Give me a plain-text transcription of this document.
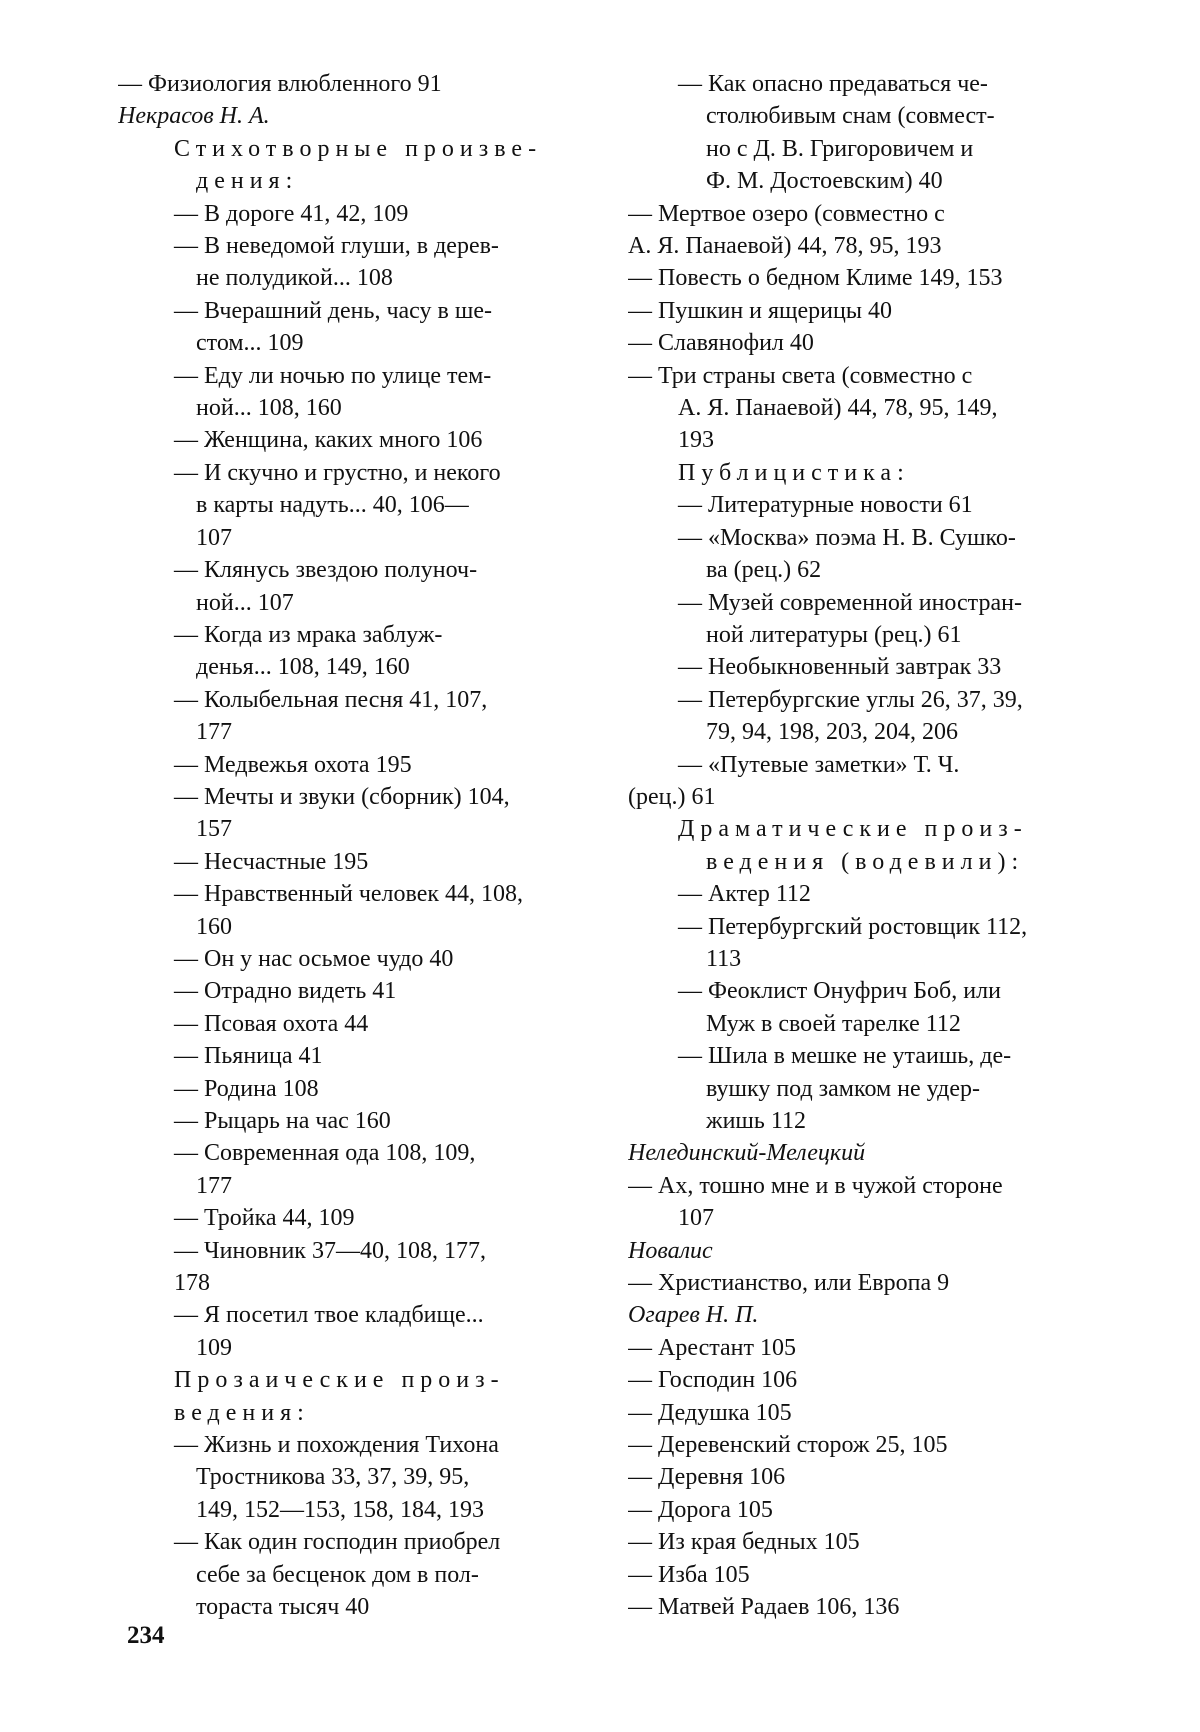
— Физиология влюбленного 91
Некрасов Н. А.
Стихотворные произве-
дения:
— В дороге 41, 42, 109
— В неведомой глуши, в дерев-
не полудикой... 108
— Вчерашний день, часу в ше-
стом... 109
— Еду ли ночью по улице тем-
ной... 108, 160
— Женщина, каких много 106
— И скучно и грустно, и некого
в карты надуть... 40, 106—
107
— Клянусь звездою полуноч-
ной... 107
— Когда из мрака заблуж-
денья... 108, 149, 160
— Колыбельная песня 41, 107,
177
— Медвежья охота 195
— Мечты и звуки (сборник) 104,
157
— Несчастные 195
— Нравственный человек 44, 108,
160
— Он у нас осьмое чудо 40
— Отрадно видеть 41
— Псовая охота 44
— Пьяница 41
— Родина 108
— Рыцарь на час 160
— Современная ода 108, 109,
177
— Тройка 44, 109
— Чиновник 37—40, 108, 177,
178
— Я посетил твое кладбище...
109
Прозаические произ-
ведения:
— Жизнь и похождения Тихона
Тростникова 33, 37, 39, 95,
149, 152—153, 158, 184, 193
— Как один господин приобрел
себе за бесценок дом в пол-
тораста тысяч 40
— Как опасно предаваться че-
столюбивым снам (совмест-
но с Д. В. Григоровичем и
Ф. М. Достоевским) 40
— Мертвое озеро (совместно с
А. Я. Панаевой) 44, 78, 95, 193
— Повесть о бедном Климе 149, 153
— Пушкин и ящерицы 40
— Славянофил 40
— Три страны света (совместно с
А. Я. Панаевой) 44, 78, 95, 149,
193
Публицистика:
— Литературные новости 61
— «Москва» поэма Н. В. Сушко-
ва (рец.) 62
— Музей современной иностран-
ной литературы (рец.) 61
— Необыкновенный завтрак 33
— Петербургские углы 26, 37, 39,
79, 94, 198, 203, 204, 206
— «Путевые заметки» Т. Ч.
(рец.) 61
Драматические произ-
ведения (водевили):
— Актер 112
— Петербургский ростовщик 112,
113
— Феоклист Онуфрич Боб, или
Муж в своей тарелке 112
— Шила в мешке не утаишь, де-
вушку под замком не удер-
жишь 112
Нелединский-Мелецкий
— Ах, тошно мне и в чужой стороне
107
Новалис
— Христианство, или Европа 9
Огарев Н. П.
— Арестант 105
— Господин 106
— Дедушка 105
— Деревенский сторож 25, 105
— Деревня 106
— Дорога 105
— Из края бедных 105
— Изба 105
— Матвей Радаев 106, 136
234
